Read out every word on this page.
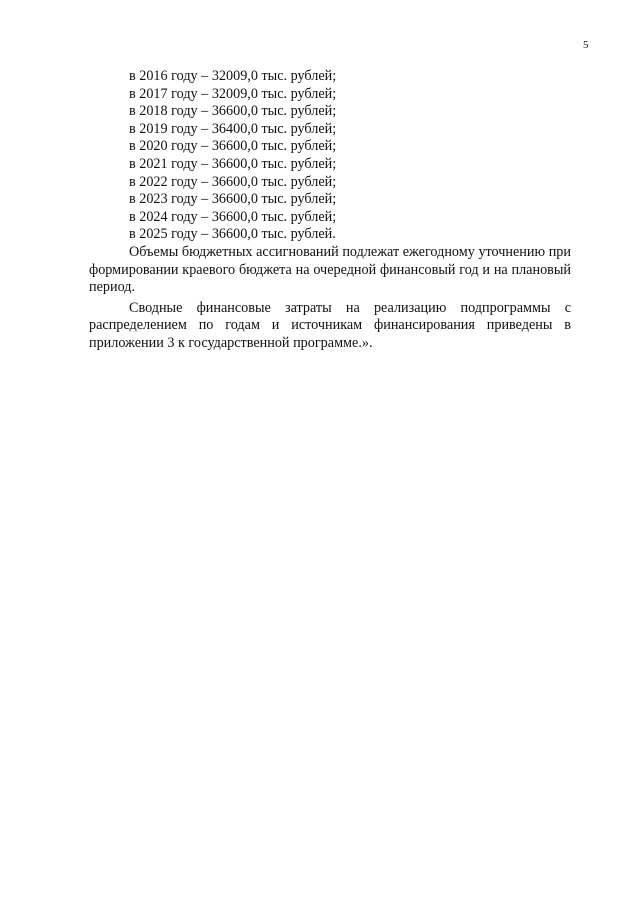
5
в 2016 году – 32009,0 тыс. рублей;
в 2017 году – 32009,0 тыс. рублей;
в 2018 году – 36600,0 тыс. рублей;
в 2019 году – 36400,0 тыс. рублей;
в 2020 году – 36600,0 тыс. рублей;
в 2021 году – 36600,0 тыс. рублей;
в 2022 году – 36600,0 тыс. рублей;
в 2023 году – 36600,0 тыс. рублей;
в 2024 году – 36600,0 тыс. рублей;
в 2025 году – 36600,0 тыс. рублей.

Объемы бюджетных ассигнований подлежат ежегодному уточнению при формировании краевого бюджета на очередной финансовый год и на плановый период.

Сводные финансовые затраты на реализацию подпрограммы с распределением по годам и источникам финансирования приведены в приложении 3 к государственной программе.».
